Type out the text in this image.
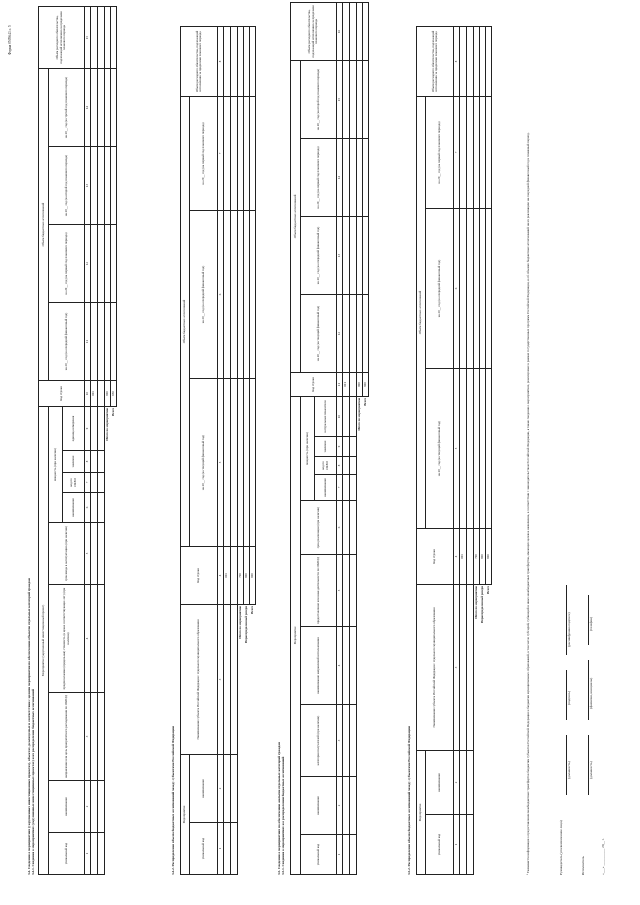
Форма 0505643 с. 5
3.4. Сведения о мероприятиях (укрупненных инвестиционных проектах), объектах, реализуемых в соответствии с целями мероприятия по обеспечению объектов отдельных категорий граждан 3.4.1. Сведения о мероприятиях (укрупненных инвестиционных проектах) и их распределение бюджетных ассигнований
Мероприятие (укрупненный инвестиционный проект)									Код строки	Объем бюджетных ассигнований				Объем расходного обязательства, подлежащий исполнению за пределами планового периода
уникальный код	наименование	направление или цель приоритетного расходования по ОКВЭД	предполагаемая (предельная) стоимость (в ценах соответствующих лет) (при наличии)	срок ввода в эксплуатацию (при наличии)	мощность (при наличии)					на 20__ год (на очередной финансовый год)	на 20__ год (на первый год планового периода)	на 20__ год (на второй год планового периода)	на 20__ год (на третий год планового периода)	
					наименование	код по ОКЕИ	значение	единица измерения						
1	2	3	4	5	6	7	8	9	10	11	12	13	14	15
									001					

Итого по мероприятию									900					
Всего									950					
3.4.2. Распределение объема бюджетных ассигнований между субъектами Российской Федерации Мероприятие		Наименование субъекта Российской Федерации / отдельного муниципального образования	Код строки	Объем бюджетных ассигнований			Объем расходного обязательства, подлежащий исполнению за пределами планового периода
уникальный код	наименование			на 20__ год (на текущий финансовый год)	на 20__ год (на очередной финансовый год)	на 20__ год (на первый год планового периода)	
1	2	3	4	5	6	7	8
			001				

Итого по мероприятию			700				
Нераспределенный резерв			800				
Всего			900				
3.5. Сведения о мероприятиях по обеспечению жилыми отдельных категорий граждан 3.5.1. Сведения о мероприятиях и о распределении бюджетных ассигнований
Мероприятие										Код строки	Объем бюджетных ассигнований				Объем расходного обязательства, подлежащий исполнению за пределами планового периода
уникальный код	наименование	категория получателей (при наличии)	наименование направлений использования	предоставление или иная деятельности по ОКВЭД	срок реализации (при наличии)	мощность (при наличии)					на 20__ год (на текущий финансовый год)	на 20__ год (на очередной финансовый год)	на 20__ год (на первый год планового периода)	на 20__ год (на второй год планового периода)	
						наименование	код по ОКЕИ	значение	натуральные показатели						
1	2	3	4	5	6	7	8	9	10	11	12	13	14	15	16
										001					

Итого по мероприятию										800					
Всего										900					
3.5.2. Распределение объема бюджетных ассигнований между субъектами Российской Федерации Мероприятие		Наименование субъекта Российской Федерации / отдельного муниципального образования	Код строки	Объем бюджетных ассигнований			Объем расходного обязательства, подлежащий исполнению за пределами планового периода
уникальный код	наименование			на 20__ год (на текущий финансовый год)	на 20__ год (на очередной финансовый год)	на 20__ год (на первый год планового периода)	
1	2	3	4	5	6	7	8
			001				

Итого по мероприятию			700				
Нераспределенный резерв			800				
Всего			900					¹ Указывается информация о предоставлении межбюджетных трансфертов бюджетам субъектов Российской Федерации и бюджетам муниципальных образований, в том числе субсидий, субвенций и иных межбюджетных трансфертов, имеющих целевое назначение, в соответствии с законодательством Российской Федерации, а также сведения о мероприятиях, реализуемых в рамках государственных программ Российской Федерации, и об объемах бюджетных ассигнований на их реализацию на очередной финансовый год и плановый период.	Руководитель (уполномоченное лицо)
(должность)
(подпись)
(расшифровка подписи)
Исполнитель
(должность)
(фамилия, инициалы)
(телефон)
«___» __________ 20__ г.
